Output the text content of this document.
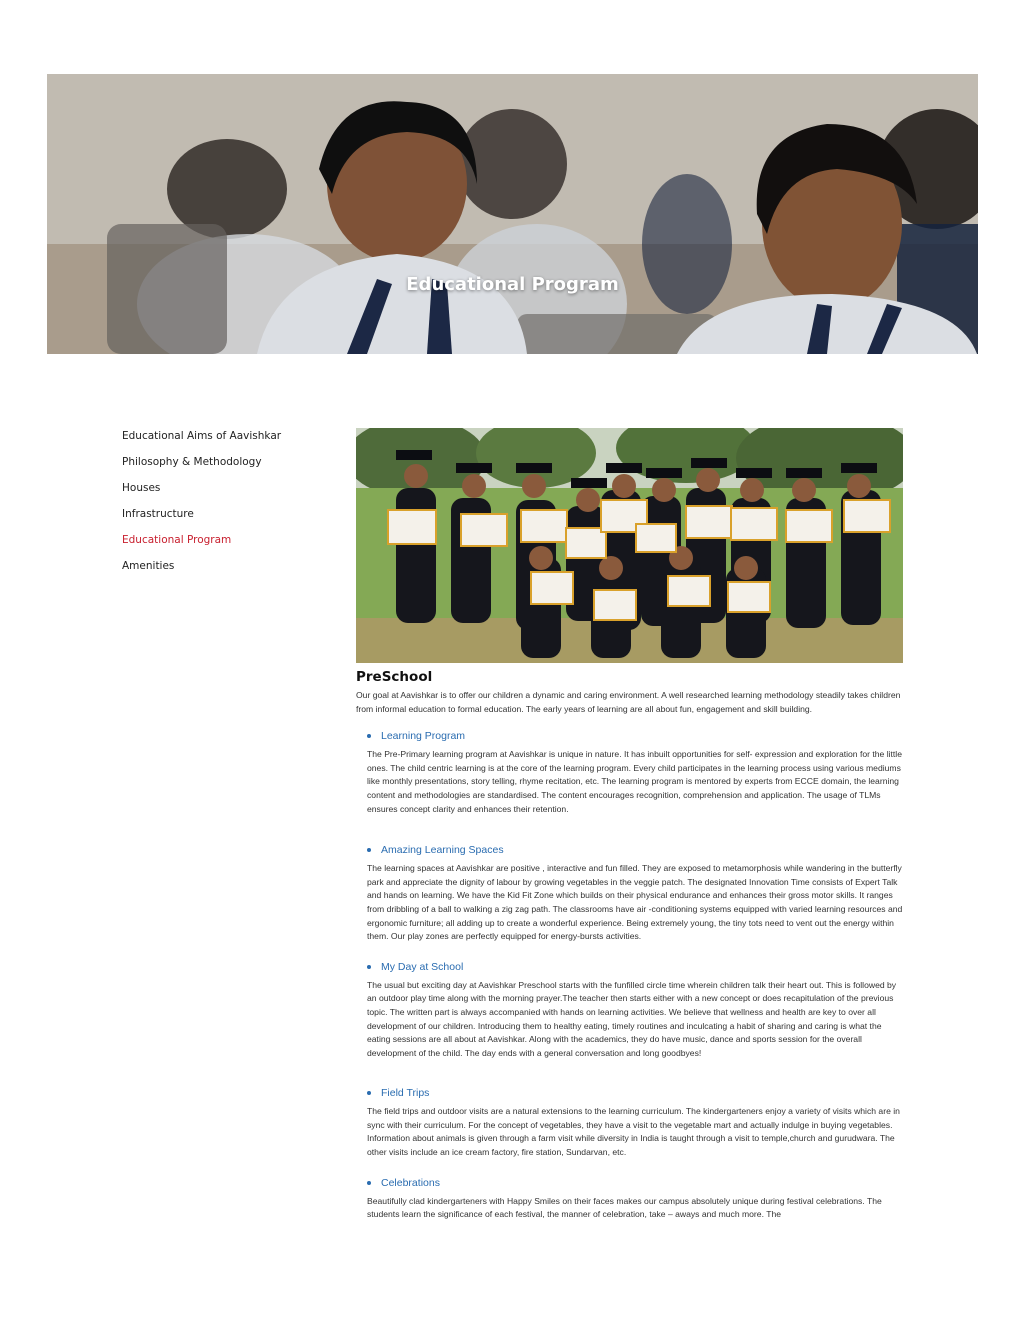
Educational Program
Educational Aims of Aavishkar
Philosophy & Methodology
Houses
Infrastructure
Educational Program
Amenities
PreSchool

Our goal at Aavishkar is to offer our children a dynamic and caring environment. A well researched learning methodology steadily takes children from informal education to formal education. The early years of learning are all about fun, engagement and skill building.

Learning Program

The Pre-Primary learning program at Aavishkar is unique in nature. It has inbuilt opportunities for self- expression and exploration for the little ones. The child centric learning is at the core of the learning program. Every child participates in the learning process using various mediums like monthly presentations, story telling, rhyme recitation, etc. The learning program is mentored by experts from ECCE domain, the learning content and methodologies are standardised. The content encourages recognition, comprehension and application. The usage of TLMs ensures concept clarity and enhances their retention.

Amazing Learning Spaces

The learning spaces at Aavishkar are positive , interactive and fun filled. They are exposed to metamorphosis while wandering in the butterfly park and appreciate the dignity of labour by growing vegetables in the veggie patch. The designated Innovation Time consists of Expert Talk and hands on learning. We have the Kid Fit Zone which builds on their physical endurance and enhances their gross motor skills. It ranges from dribbling of a ball to walking a zig zag path. The classrooms have air -conditioning systems equipped with varied learning resources and ergonomic furniture; all adding up to create a wonderful experience. Being extremely young, the tiny tots need to vent out the energy within them. Our play zones are perfectly equipped for energy-bursts activities.

My Day at School

The usual but exciting day at Aavishkar Preschool starts with the funfilled circle time wherein children talk their heart out. This is followed by an outdoor play time along with the morning prayer.The teacher then starts either with a new concept or does recapitulation of the previous topic. The written part is always accompanied with hands on learning activities. We believe that wellness and health are key to over all development of our children. Introducing them to healthy eating, timely routines and inculcating a habit of sharing and caring is what the eating sessions are all about at Aavishkar. Along with the academics, they do have music, dance and sports session for the overall development of the child. The day ends with a general conversation and long goodbyes!

Field Trips

The field trips and outdoor visits are a natural extensions to the learning curriculum. The kindergarteners enjoy a variety of visits which are in sync with their curriculum. For the concept of vegetables, they have a visit to the vegetable mart and actually indulge in buying vegetables. Information about animals is given through a farm visit while diversity in India is taught through a visit to temple,church and gurudwara. The other visits include an ice cream factory, fire station, Sundarvan, etc.

Celebrations

Beautifully clad kindergarteners with Happy Smiles on their faces makes our campus absolutely unique during festival celebrations. The students learn the significance of each festival, the manner of celebration, take – aways and much more. The
